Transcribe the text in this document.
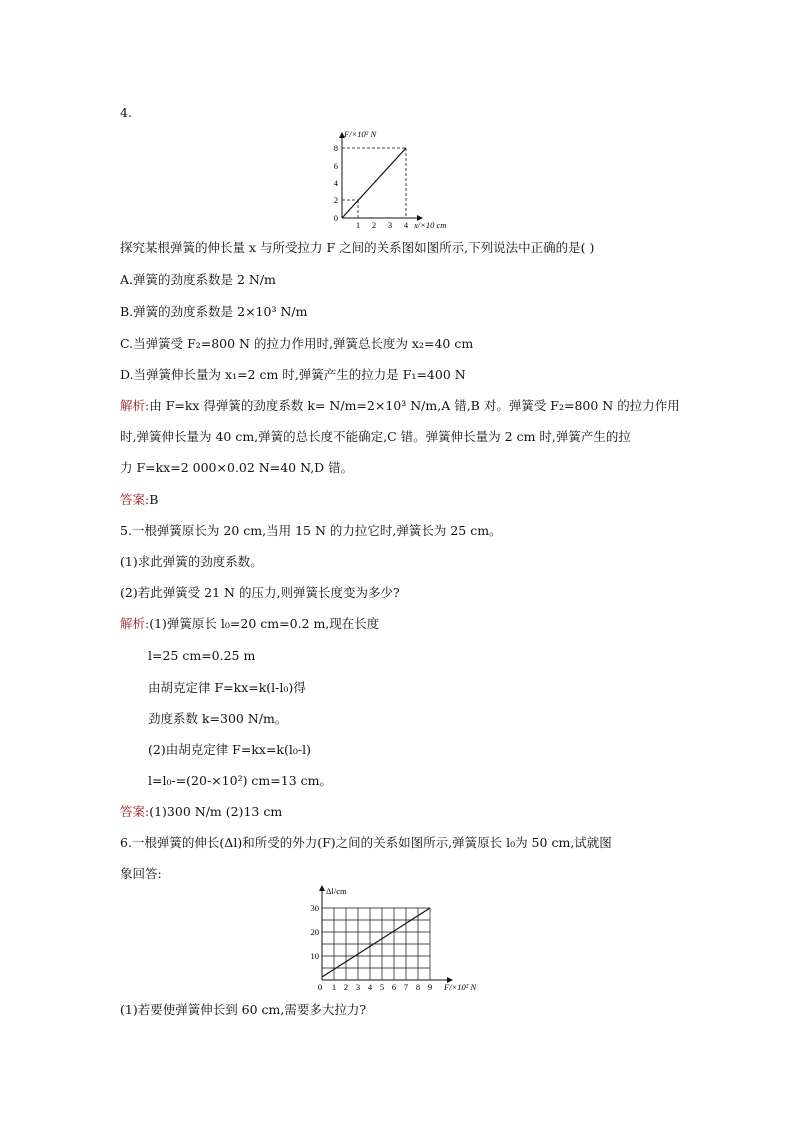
4.
F/×10² N
8
6
4
2
0
1 2 3 4 x/×10 cm
探究某根弹簧的伸长量 x 与所受拉力 F 之间的关系图如图所示,下列说法中正确的是( )
A.弹簧的劲度系数是 2 N/m
B.弹簧的劲度系数是 2×10³ N/m
C.当弹簧受 F₂=800 N 的拉力作用时,弹簧总长度为 x₂=40 cm
D.当弹簧伸长量为 x₁=2 cm 时,弹簧产生的拉力是 F₁=400 N
解析:由 F=kx 得弹簧的劲度系数 k= N/m=2×10³ N/m,A 错,B 对。弹簧受 F₂=800 N 的拉力作用
时,弹簧伸长量为 40 cm,弹簧的总长度不能确定,C 错。弹簧伸长量为 2 cm 时,弹簧产生的拉
力 F=kx=2 000×0.02 N=40 N,D 错。
答案:B
5.一根弹簧原长为 20 cm,当用 15 N 的力拉它时,弹簧长为 25 cm。
(1)求此弹簧的劲度系数。
(2)若此弹簧受 21 N 的压力,则弹簧长度变为多少?
解析:(1)弹簧原长 l₀=20 cm=0.2 m,现在长度
l=25 cm=0.25 m
由胡克定律 F=kx=k(l-l₀)得
劲度系数 k=300 N/m。
(2)由胡克定律 F=kx=k(l₀-l)
l=l₀-=(20-×10²) cm=13 cm。
答案:(1)300 N/m (2)13 cm
6.一根弹簧的伸长(Δl)和所受的外力(F)之间的关系如图所示,弹簧原长 l₀为 50 cm,试就图
象回答:
Δl/cm
30
20
10
0 1 2 3 4 5 6 7 8 9 F/×10² N
(1)若要使弹簧伸长到 60 cm,需要多大拉力?
